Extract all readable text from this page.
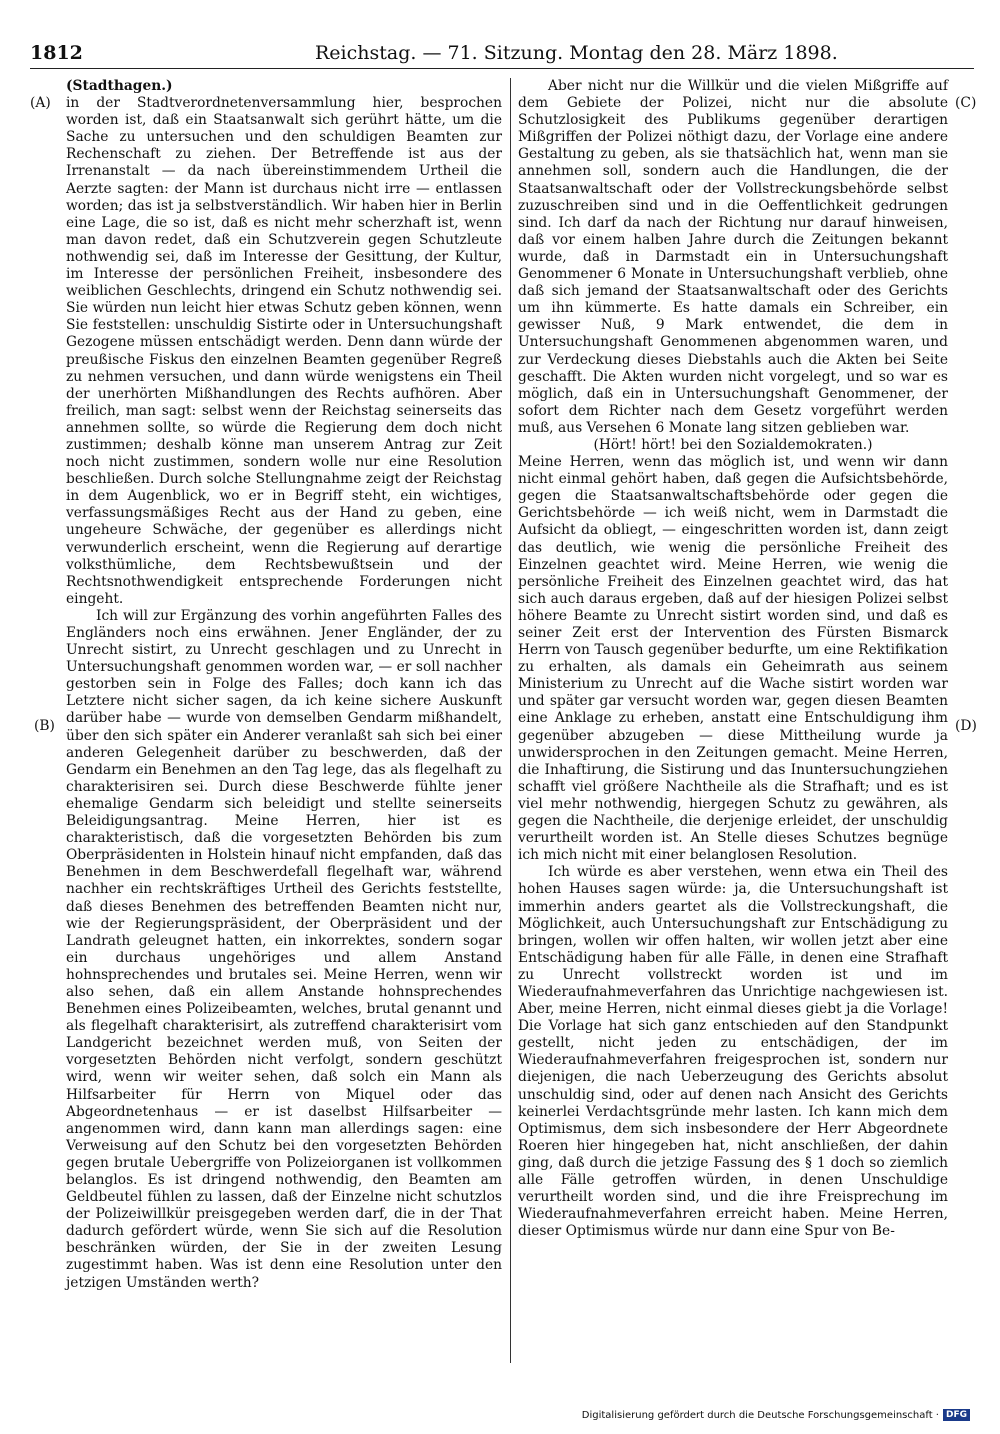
1812	Reichstag. — 71. Sitzung. Montag den 28. März 1898.
(A)
(B)
(C)
(D)

(Stadthagen.)

in der Stadtverordnetenversammlung hier, besprochen worden ist, daß ein Staatsanwalt sich gerührt hätte, um die Sache zu untersuchen und den schuldigen Beamten zur Rechenschaft zu ziehen. Der Betreffende ist aus der Irrenanstalt — da nach übereinstimmendem Urtheil die Aerzte sagten: der Mann ist durchaus nicht irre — entlassen worden; das ist ja selbstverständlich. Wir haben hier in Berlin eine Lage, die so ist, daß es nicht mehr scherzhaft ist, wenn man davon redet, daß ein Schutzverein gegen Schutzleute nothwendig sei, daß im Interesse der Gesittung, der Kultur, im Interesse der persönlichen Freiheit, insbesondere des weiblichen Geschlechts, dringend ein Schutz nothwendig sei. Sie würden nun leicht hier etwas Schutz geben können, wenn Sie feststellen: unschuldig Sistirte oder in Untersuchungshaft Gezogene müssen entschädigt werden. Denn dann würde der preußische Fiskus den einzelnen Beamten gegenüber Regreß zu nehmen versuchen, und dann würde wenigstens ein Theil der unerhörten Mißhandlungen des Rechts aufhören. Aber freilich, man sagt: selbst wenn der Reichstag seinerseits das annehmen sollte, so würde die Regierung dem doch nicht zustimmen; deshalb könne man unserem Antrag zur Zeit noch nicht zustimmen, sondern wolle nur eine Resolution beschließen. Durch solche Stellungnahme zeigt der Reichstag in dem Augenblick, wo er in Begriff steht, ein wichtiges, verfassungsmäßiges Recht aus der Hand zu geben, eine ungeheure Schwäche, der gegenüber es allerdings nicht verwunderlich erscheint, wenn die Regierung auf derartige volksthümliche, dem Rechtsbewußtsein und der Rechtsnothwendigkeit entsprechende Forderungen nicht eingeht.

Ich will zur Ergänzung des vorhin angeführten Falles des Engländers noch eins erwähnen. Jener Engländer, der zu Unrecht sistirt, zu Unrecht geschlagen und zu Unrecht in Untersuchungshaft genommen worden war, — er soll nachher gestorben sein in Folge des Falles; doch kann ich das Letztere nicht sicher sagen, da ich keine sichere Auskunft darüber habe — wurde von demselben Gendarm mißhandelt, über den sich später ein Anderer veranlaßt sah sich bei einer anderen Gelegenheit darüber zu beschwerden, daß der Gendarm ein Benehmen an den Tag lege, das als flegelhaft zu charakterisiren sei. Durch diese Beschwerde fühlte jener ehemalige Gendarm sich beleidigt und stellte seinerseits Beleidigungsantrag. Meine Herren, hier ist es charakteristisch, daß die vorgesetzten Behörden bis zum Oberpräsidenten in Holstein hinauf nicht empfanden, daß das Benehmen in dem Beschwerdefall flegelhaft war, während nachher ein rechtskräftiges Urtheil des Gerichts feststellte, daß dieses Benehmen des betreffenden Beamten nicht nur, wie der Regierungspräsident, der Oberpräsident und der Landrath geleugnet hatten, ein inkorrektes, sondern sogar ein durchaus ungehöriges und allem Anstand hohnsprechendes und brutales sei. Meine Herren, wenn wir also sehen, daß ein allem Anstande hohnsprechendes Benehmen eines Polizeibeamten, welches, brutal genannt und als flegelhaft charakterisirt, als zutreffend charakterisirt vom Landgericht bezeichnet werden muß, von Seiten der vorgesetzten Behörden nicht verfolgt, sondern geschützt wird, wenn wir weiter sehen, daß solch ein Mann als Hilfsarbeiter für Herrn von Miquel oder das Abgeordnetenhaus — er ist daselbst Hilfsarbeiter — angenommen wird, dann kann man allerdings sagen: eine Verweisung auf den Schutz bei den vorgesetzten Behörden gegen brutale Uebergriffe von Polizeiorganen ist vollkommen belanglos. Es ist dringend nothwendig, den Beamten am Geldbeutel fühlen zu lassen, daß der Einzelne nicht schutzlos der Polizeiwillkür preisgegeben werden darf, die in der That dadurch gefördert würde, wenn Sie sich auf die Resolution beschränken würden, der Sie in der zweiten Lesung zugestimmt haben. Was ist denn eine Resolution unter den jetzigen Umständen werth?

Aber nicht nur die Willkür und die vielen Mißgriffe auf dem Gebiete der Polizei, nicht nur die absolute Schutzlosigkeit des Publikums gegenüber derartigen Mißgriffen der Polizei nöthigt dazu, der Vorlage eine andere Gestaltung zu geben, als sie thatsächlich hat, wenn man sie annehmen soll, sondern auch die Handlungen, die der Staatsanwaltschaft oder der Vollstreckungsbehörde selbst zuzuschreiben sind und in die Oeffentlichkeit gedrungen sind. Ich darf da nach der Richtung nur darauf hinweisen, daß vor einem halben Jahre durch die Zeitungen bekannt wurde, daß in Darmstadt ein in Untersuchungshaft Genommener 6 Monate in Untersuchungshaft verblieb, ohne daß sich jemand der Staatsanwaltschaft oder des Gerichts um ihn kümmerte. Es hatte damals ein Schreiber, ein gewisser Nuß, 9 Mark entwendet, die dem in Untersuchungshaft Genommenen abgenommen waren, und zur Verdeckung dieses Diebstahls auch die Akten bei Seite geschafft. Die Akten wurden nicht vorgelegt, und so war es möglich, daß ein in Untersuchungshaft Genommener, der sofort dem Richter nach dem Gesetz vorgeführt werden muß, aus Versehen 6 Monate lang sitzen geblieben war.

(Hört! hört! bei den Sozialdemokraten.)

Meine Herren, wenn das möglich ist, und wenn wir dann nicht einmal gehört haben, daß gegen die Aufsichtsbehörde, gegen die Staatsanwaltschaftsbehörde oder gegen die Gerichtsbehörde — ich weiß nicht, wem in Darmstadt die Aufsicht da obliegt, — eingeschritten worden ist, dann zeigt das deutlich, wie wenig die persönliche Freiheit des Einzelnen geachtet wird. Meine Herren, wie wenig die persönliche Freiheit des Einzelnen geachtet wird, das hat sich auch daraus ergeben, daß auf der hiesigen Polizei selbst höhere Beamte zu Unrecht sistirt worden sind, und daß es seiner Zeit erst der Intervention des Fürsten Bismarck Herrn von Tausch gegenüber bedurfte, um eine Rektifikation zu erhalten, als damals ein Geheimrath aus seinem Ministerium zu Unrecht auf die Wache sistirt worden war und später gar versucht worden war, gegen diesen Beamten eine Anklage zu erheben, anstatt eine Entschuldigung ihm gegenüber abzugeben — diese Mittheilung wurde ja unwidersprochen in den Zeitungen gemacht. Meine Herren, die Inhaftirung, die Sistirung und das Inuntersuchungziehen schafft viel größere Nachtheile als die Strafhaft; und es ist viel mehr nothwendig, hiergegen Schutz zu gewähren, als gegen die Nachtheile, die derjenige erleidet, der unschuldig verurtheilt worden ist. An Stelle dieses Schutzes begnüge ich mich nicht mit einer belanglosen Resolution.

Ich würde es aber verstehen, wenn etwa ein Theil des hohen Hauses sagen würde: ja, die Untersuchungshaft ist immerhin anders geartet als die Vollstreckungshaft, die Möglichkeit, auch Untersuchungshaft zur Entschädigung zu bringen, wollen wir offen halten, wir wollen jetzt aber eine Entschädigung haben für alle Fälle, in denen eine Strafhaft zu Unrecht vollstreckt worden ist und im Wiederaufnahmeverfahren das Unrichtige nachgewiesen ist. Aber, meine Herren, nicht einmal dieses giebt ja die Vorlage! Die Vorlage hat sich ganz entschieden auf den Standpunkt gestellt, nicht jeden zu entschädigen, der im Wiederaufnahmeverfahren freigesprochen ist, sondern nur diejenigen, die nach Ueberzeugung des Gerichts absolut unschuldig sind, oder auf denen nach Ansicht des Gerichts keinerlei Verdachtsgründe mehr lasten. Ich kann mich dem Optimismus, dem sich insbesondere der Herr Abgeordnete Roeren hier hingegeben hat, nicht anschließen, der dahin ging, daß durch die jetzige Fassung des § 1 doch so ziemlich alle Fälle getroffen würden, in denen Unschuldige verurtheilt worden sind, und die ihre Freisprechung im Wiederaufnahmeverfahren erreicht haben. Meine Herren, dieser Optimismus würde nur dann eine Spur von Be-

Digitalisierung gefördert durch die Deutsche Forschungsgemeinschaft · DFG
